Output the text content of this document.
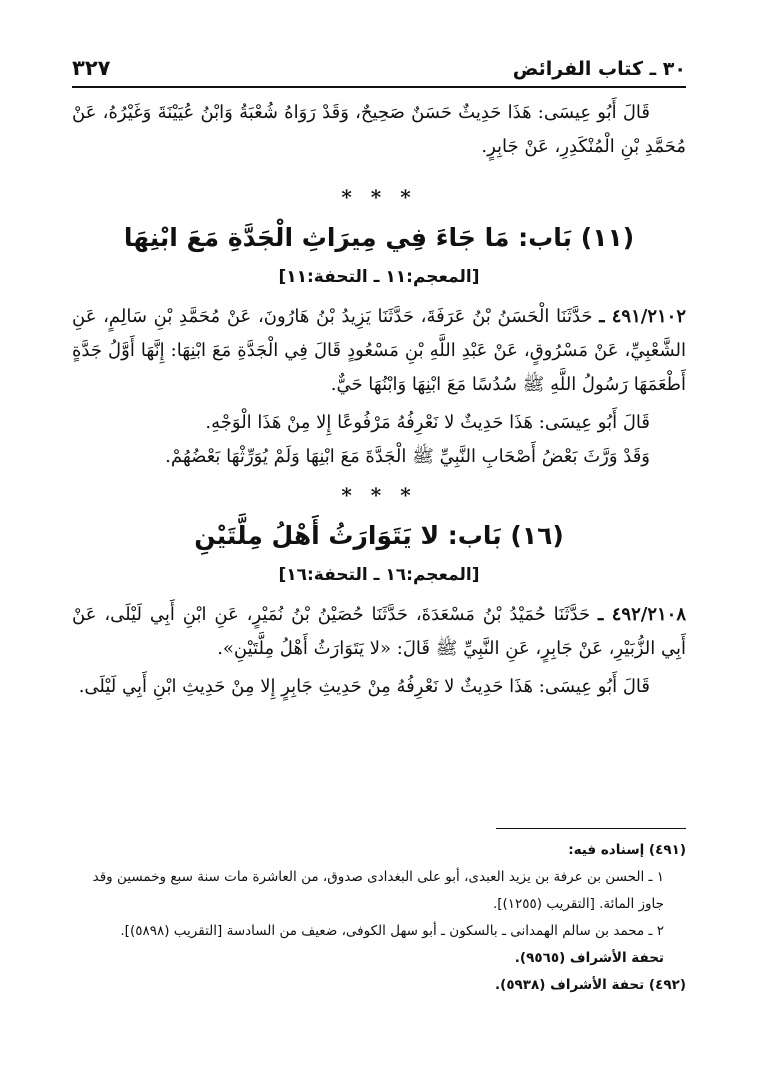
٣٠ ـ كتاب الفرائض
٣٢٧

قَالَ أَبُو عِيسَى: هَذَا حَدِيثٌ حَسَنٌ صَحِيحٌ، وَقَدْ رَوَاهُ شُعْبَةُ وَابْنُ عُيَيْنَةَ وَغَيْرُهُ، عَنْ مُحَمَّدِ بْنِ الْمُنْكَدِرِ، عَنْ جَابِرٍ.

* * *

(١١) بَاب: مَا جَاءَ فِي مِيرَاثِ الْجَدَّةِ مَعَ ابْنِهَا

[المعجم:١١ ـ التحفة:١١]

٤٩١/٢١٠٢ ـ حَدَّثَنَا الْحَسَنُ بْنُ عَرَفَةَ، حَدَّثَنَا يَزِيدُ بْنُ هَارُونَ، عَنْ مُحَمَّدِ بْنِ سَالِمٍ، عَنِ الشَّعْبِيِّ، عَنْ مَسْرُوقٍ، عَنْ عَبْدِ اللَّهِ بْنِ مَسْعُودٍ قَالَ فِي الْجَدَّةِ مَعَ ابْنِهَا: إِنَّهَا أَوَّلُ جَدَّةٍ أَطْعَمَهَا رَسُولُ اللَّهِ ﷺ سُدُسًا مَعَ ابْنِهَا وَابْنُهَا حَيٌّ.

قَالَ أَبُو عِيسَى: هَذَا حَدِيثٌ لا نَعْرِفُهُ مَرْفُوعًا إِلا مِنْ هَذَا الْوَجْهِ.

وَقَدْ وَرَّثَ بَعْضُ أَصْحَابِ النَّبِيِّ ﷺ الْجَدَّةَ مَعَ ابْنِهَا وَلَمْ يُوَرِّثْهَا بَعْضُهُمْ.

* * *

(١٦) بَاب: لا يَتَوَارَثُ أَهْلُ مِلَّتَيْنِ

[المعجم:١٦ ـ التحفة:١٦]

٤٩٢/٢١٠٨ ـ حَدَّثَنَا حُمَيْدُ بْنُ مَسْعَدَةَ، حَدَّثَنَا حُصَيْنُ بْنُ نُمَيْرٍ، عَنِ ابْنِ أَبِي لَيْلَى، عَنْ أَبِي الزُّبَيْرِ، عَنْ جَابِرٍ، عَنِ النَّبِيِّ ﷺ قَالَ: «لا يَتَوَارَثُ أَهْلُ مِلَّتَيْنِ».

قَالَ أَبُو عِيسَى: هَذَا حَدِيثٌ لا نَعْرِفُهُ مِنْ حَدِيثِ جَابِرٍ إِلا مِنْ حَدِيثِ ابْنِ أَبِي لَيْلَى.

(٤٩١) إسناده فيه:

١ ـ الحسن بن عرفة بن يزيد العبدى، أبو على البغدادى صدوق، من العاشرة مات سنة سبع وخمسين وقد جاوز المائة. [التقريب (١٢٥٥)].

٢ ـ محمد بن سالم الهمدانى ـ بالسكون ـ أبو سهل الكوفى، ضعيف من السادسة [التقريب (٥٨٩٨)].

تحفة الأشراف (٩٥٦٥).

(٤٩٢) تحفة الأشراف (٥٩٣٨).
